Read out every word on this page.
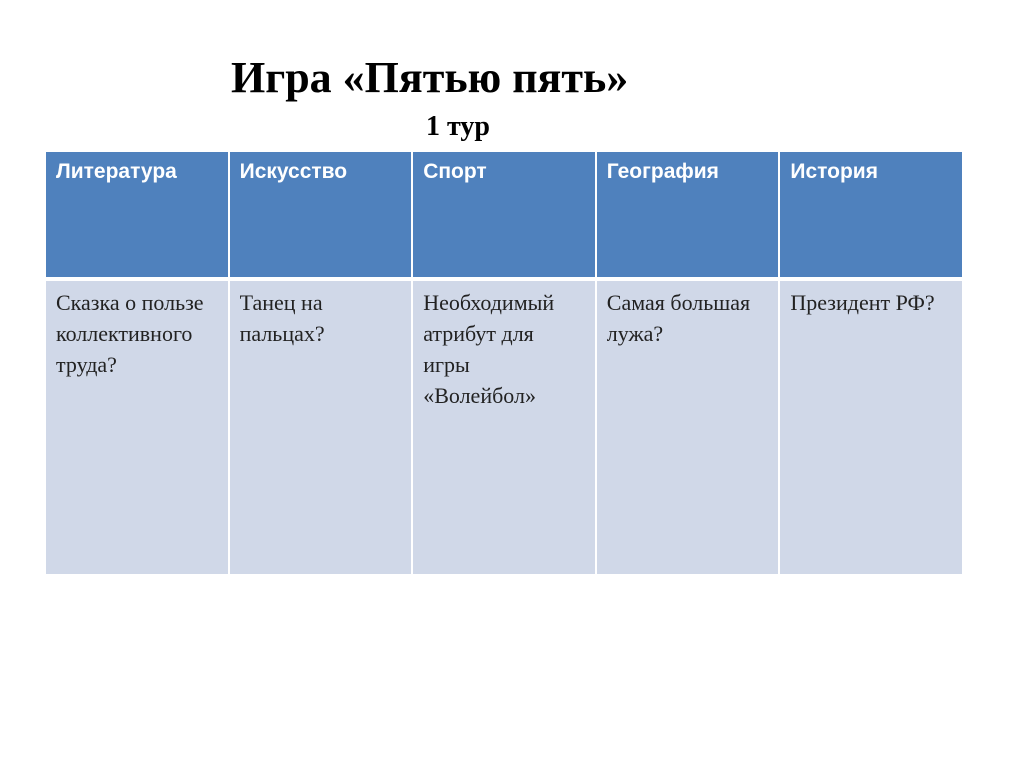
Игра «Пятью пять»
1 тур
Литература	Искусство	Спорт	География	История
Сказка о пользе коллективного труда?	Танец на пальцах?	Необходимый атрибут для игры «Волейбол»	Самая большая лужа?	Президент РФ?
